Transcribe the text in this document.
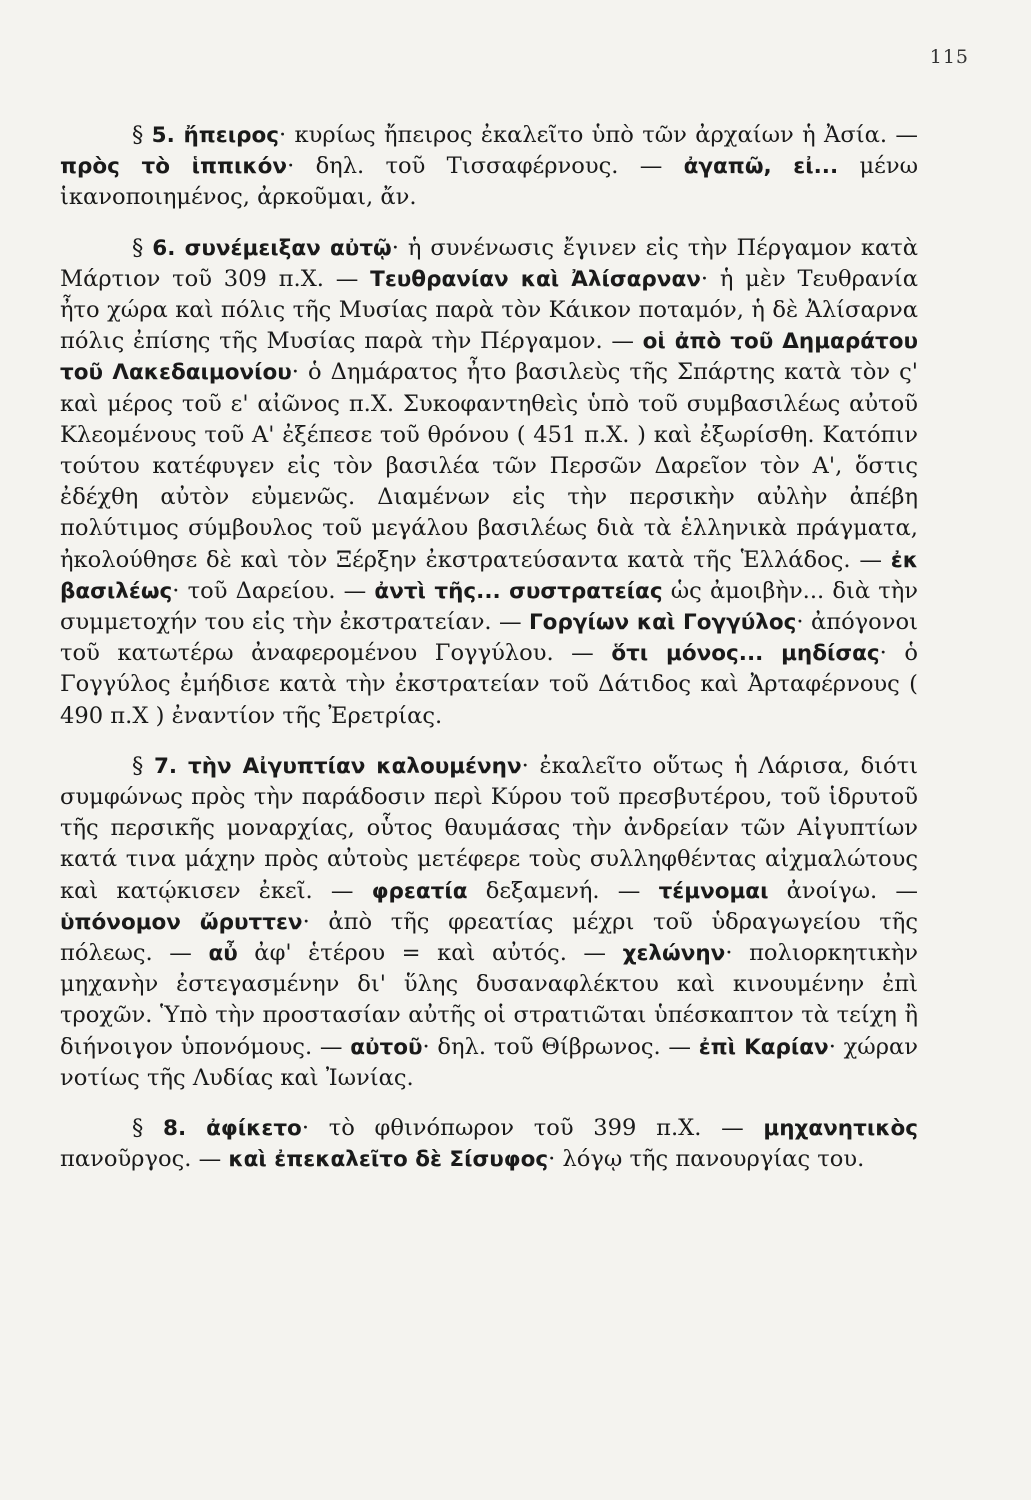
115

§ 5. ἤπειρος· κυρίως ἤπειρος ἐκαλεῖτο ὑπὸ τῶν ἀρχαίων ἡ Ἀσία. — πρὸς τὸ ἱππικόν· δηλ. τοῦ Τισσαφέρνους. — ἀγαπῶ, εἰ... μένω ἱκανοποιημένος, ἀρκοῦμαι, ἄν.

§ 6. συνέμειξαν αὐτῷ· ἡ συνένωσις ἔγινεν εἰς τὴν Πέργαμον κατὰ Μάρτιον τοῦ 309 π.Χ. — Τευθρανίαν καὶ Ἀλίσαρναν· ἡ μὲν Τευθρανία ἦτο χώρα καὶ πόλις τῆς Μυσίας παρὰ τὸν Κάικον ποταμόν, ἡ δὲ Ἀλίσαρνα πόλις ἐπίσης τῆς Μυσίας παρὰ τὴν Πέργαμον. — οἱ ἀπὸ τοῦ Δημαράτου τοῦ Λακεδαιμονίου· ὁ Δημάρατος ἦτο βασιλεὺς τῆς Σπάρτης κατὰ τὸν ς' καὶ μέρος τοῦ ε' αἰῶνος π.Χ. Συκοφαντηθεὶς ὑπὸ τοῦ συμβασιλέως αὐτοῦ Κλεομένους τοῦ Α' ἐξέπεσε τοῦ θρόνου ( 451 π.Χ. ) καὶ ἐξωρίσθη. Κατόπιν τούτου κατέφυγεν εἰς τὸν βασιλέα τῶν Περσῶν Δαρεῖον τὸν Α', ὅστις ἐδέχθη αὐτὸν εὐμενῶς. Διαμένων εἰς τὴν περσικὴν αὐλὴν ἀπέβη πολύτιμος σύμβουλος τοῦ μεγάλου βασιλέως διὰ τὰ ἑλληνικὰ πράγματα, ἠκολούθησε δὲ καὶ τὸν Ξέρξην ἐκστρατεύσαντα κατὰ τῆς Ἑλλάδος. — ἐκ βασιλέως· τοῦ Δαρείου. — ἀντὶ τῆς... συστρατείας ὡς ἀμοιβὴν... διὰ τὴν συμμετοχήν του εἰς τὴν ἐκστρατείαν. — Γοργίων καὶ Γογγύλος· ἀπόγονοι τοῦ κατωτέρω ἀναφερομένου Γογγύλου. — ὅτι μόνος... μηδίσας· ὁ Γογγύλος ἐμήδισε κατὰ τὴν ἐκστρατείαν τοῦ Δάτιδος καὶ Ἀρταφέρνους ( 490 π.Χ ) ἐναντίον τῆς Ἐρετρίας.

§ 7. τὴν Αἰγυπτίαν καλουμένην· ἐκαλεῖτο οὕτως ἡ Λάρισα, διότι συμφώνως πρὸς τὴν παράδοσιν περὶ Κύρου τοῦ πρεσβυτέρου, τοῦ ἱδρυτοῦ τῆς περσικῆς μοναρχίας, οὗτος θαυμάσας τὴν ἀνδρείαν τῶν Αἰγυπτίων κατά τινα μάχην πρὸς αὐτοὺς μετέφερε τοὺς συλληφθέντας αἰχμαλώτους καὶ κατῴκισεν ἐκεῖ. — φρεατία δεξαμενή. — τέμνομαι ἀνοίγω. — ὑπόνομον ὤρυττεν· ἀπὸ τῆς φρεατίας μέχρι τοῦ ὑδραγωγείου τῆς πόλεως. — αὖ ἀφ' ἑτέρου = καὶ αὐτός. — χελώνην· πολιορκητικὴν μηχανὴν ἐστεγασμένην δι' ὕλης δυσαναφλέκτου καὶ κινουμένην ἐπὶ τροχῶν. Ὑπὸ τὴν προστασίαν αὐτῆς οἱ στρατιῶται ὑπέσκαπτον τὰ τείχη ἢ διήνοιγον ὑπονόμους. — αὐτοῦ· δηλ. τοῦ Θίβρωνος. — ἐπὶ Καρίαν· χώραν νοτίως τῆς Λυδίας καὶ Ἰωνίας.

§ 8. ἀφίκετο· τὸ φθινόπωρον τοῦ 399 π.Χ. — μηχανητικὸς πανοῦργος. — καὶ ἐπεκαλεῖτο δὲ Σίσυφος· λόγῳ τῆς πανουργίας του.
